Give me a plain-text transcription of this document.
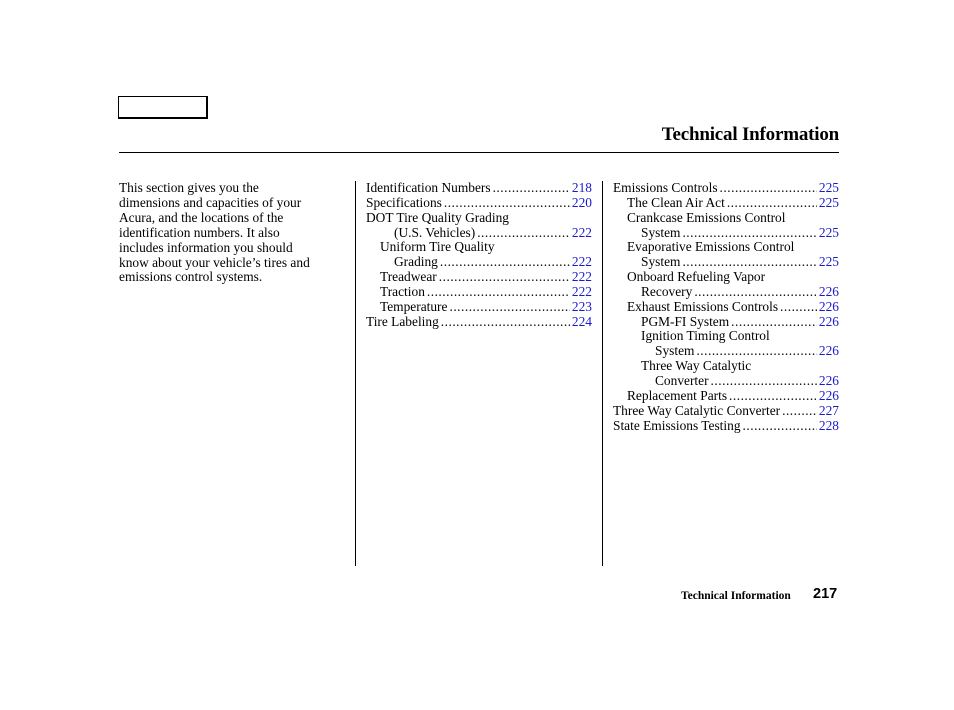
Technical Information
This section gives you the
dimensions and capacities of your
Acura, and the locations of the
identification numbers. It also
includes information you should
know about your vehicle’s tires and
emissions control systems.
Identification Numbers .....	218
Specifications .....	220
DOT Tire Quality Grading
(U.S. Vehicles) .....	222
Uniform Tire Quality
Grading .....	222
Treadwear .....	222
Traction .....	222
Temperature .....	223
Tire Labeling .....	224
Emissions Controls .....	225
The Clean Air Act .....	225
Crankcase Emissions Control
System .....	225
Evaporative Emissions Control
System .....	225
Onboard Refueling Vapor
Recovery .....	226
Exhaust Emissions Controls .....	226
PGM-FI System .....	226
Ignition Timing Control
System .....	226
Three Way Catalytic
Converter .....	226
Replacement Parts .....	226
Three Way Catalytic Converter .....	227
State Emissions Testing .....	228
Technical Information 217
